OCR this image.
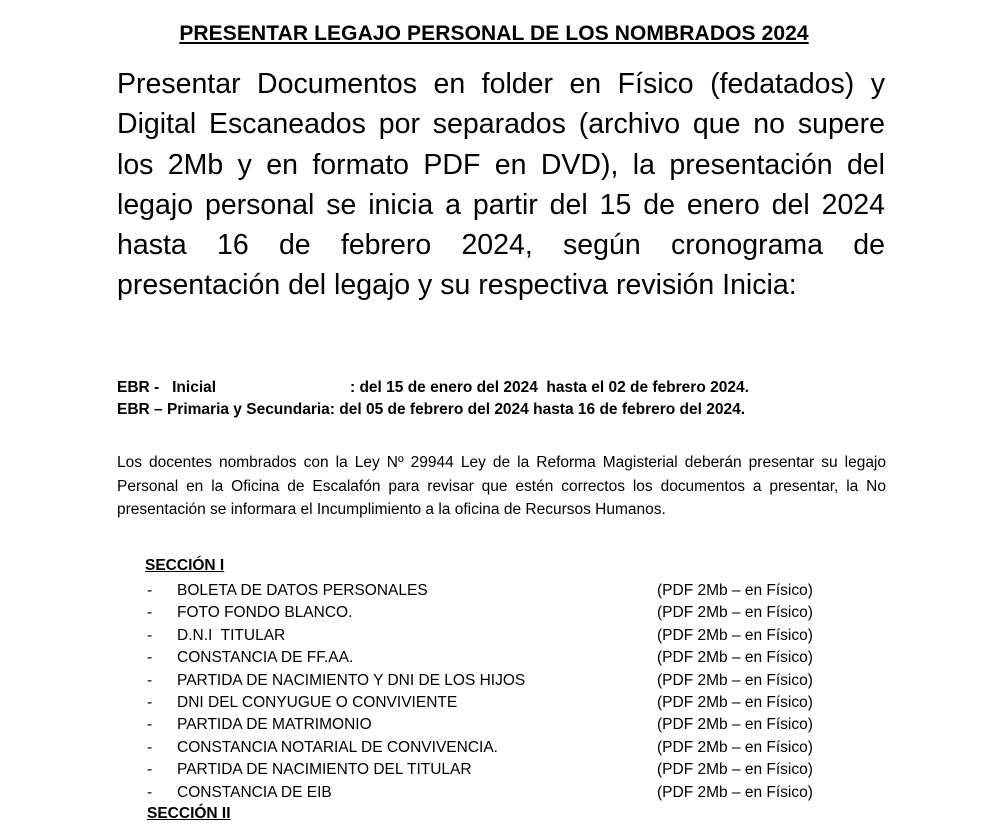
PRESENTAR LEGAJO PERSONAL DE LOS NOMBRADOS 2024

Presentar Documentos en folder en Físico (fedatados) y Digital Escaneados por separados (archivo que no supere los 2Mb y en formato PDF en DVD), la presentación del legajo personal se inicia a partir del 15 de enero del 2024 hasta 16 de febrero 2024, según cronograma de presentación del legajo y su respectiva revisión Inicia:

EBR -   Inicial	: del 15 de enero del 2024  hasta el 02 de febrero 2024.
EBR – Primaria y Secundaria: del 05 de febrero del 2024 hasta 16 de febrero del 2024.

Los docentes nombrados con la Ley Nº 29944 Ley de la Reforma Magisterial deberán presentar su legajo Personal en la Oficina de Escalafón para revisar que estén correctos los documentos a presentar, la No presentación se informara el Incumplimiento a la oficina de Recursos Humanos.

SECCIÓN I
- BOLETA DE DATOS PERSONALES	(PDF 2Mb – en Físico)
- FOTO FONDO BLANCO.	(PDF 2Mb – en Físico)
- D.N.I  TITULAR	(PDF 2Mb – en Físico)
- CONSTANCIA DE FF.AA.	(PDF 2Mb – en Físico)
- PARTIDA DE NACIMIENTO Y DNI DE LOS HIJOS	(PDF 2Mb – en Físico)
- DNI DEL CONYUGUE O CONVIVIENTE	(PDF 2Mb – en Físico)
- PARTIDA DE MATRIMONIO	(PDF 2Mb – en Físico)
- CONSTANCIA NOTARIAL DE CONVIVENCIA.	(PDF 2Mb – en Físico)
- PARTIDA DE NACIMIENTO DEL TITULAR	(PDF 2Mb – en Físico)
- CONSTANCIA DE EIB	(PDF 2Mb – en Físico)
SECCIÓN II
